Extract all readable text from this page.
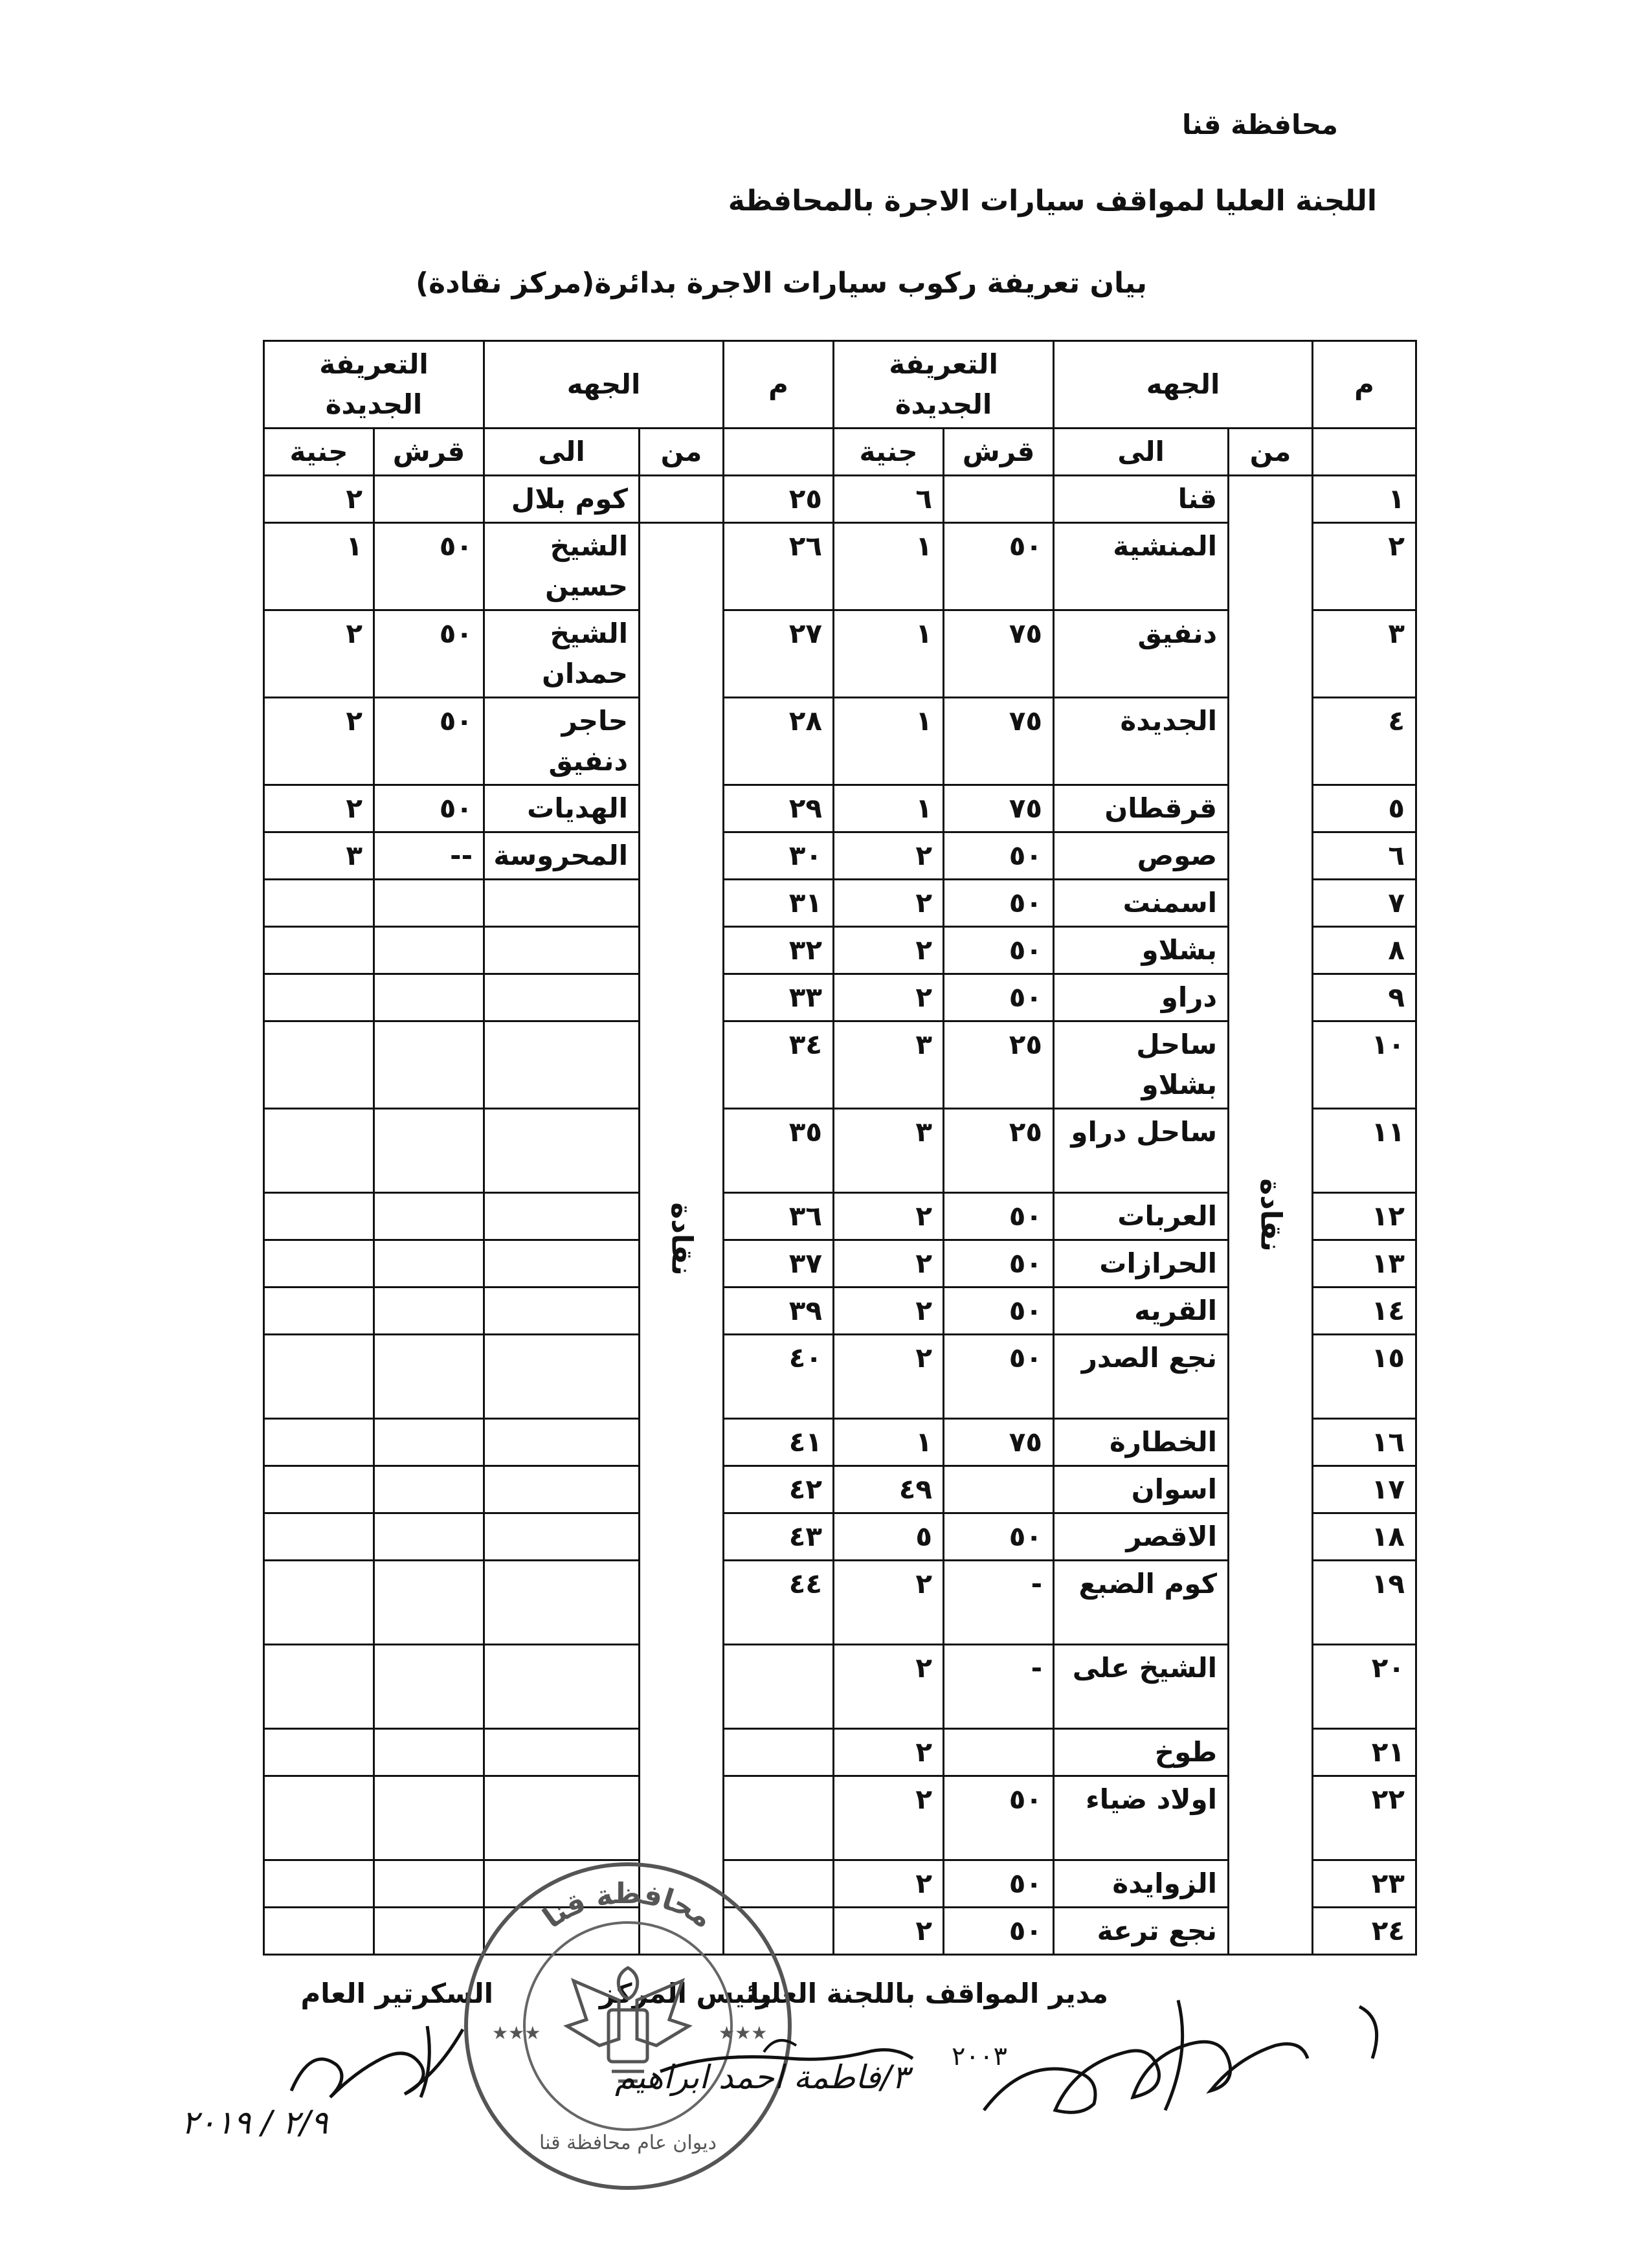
محافظة قنا
اللجنة العليا لمواقف سيارات الاجرة بالمحافظة
بيان تعريفة ركوب سيارات الاجرة بدائرة(مركز نقادة)
التعريفة الجديدة		الجهه		م	التعريفة الجديدة		الجهه		م
جنية	قرش	الى	من		جنية	قرش	الى	من	
٢		كوم بلال		٢٥	٦		قنا	نقادة	١
١	٥٠	الشيخ حسين	نقادة	٢٦	١	٥٠	المنشية		٢
٢	٥٠	الشيخ حمدان		٢٧	١	٧٥	دنفيق		٣
٢	٥٠	حاجر دنفيق		٢٨	١	٧٥	الجديدة		٤
٢	٥٠	الهديات		٢٩	١	٧٥	قرقطان		٥
٣	--	المحروسة		٣٠	٢	٥٠	صوص		٦
				٣١	٢	٥٠	اسمنت		٧
				٣٢	٢	٥٠	بشلاو		٨
				٣٣	٢	٥٠	دراو		٩
				٣٤	٣	٢٥	ساحل بشلاو		١٠
				٣٥	٣	٢٥	ساحل دراو		١١
				٣٦	٢	٥٠	العربات		١٢
				٣٧	٢	٥٠	الحرازات		١٣
				٣٩	٢	٥٠	القريه		١٤
				٤٠	٢	٥٠	نجع الصدر		١٥
				٤١	١	٧٥	الخطارة		١٦
				٤٢	٤٩		اسوان		١٧
				٤٣	٥	٥٠	الاقصر		١٨
				٤٤	٢	-	كوم الضبع		١٩
					٢	-	الشيخ على		٢٠
					٢		طوخ		٢١
					٢	٥٠	اولاد ضياء		٢٢
					٢	٥٠	الزوايدة		٢٣
					٢	٥٠	نجع ترعة		٢٤
مدير المواقف باللجنة العليا
رئيس المركز
السكرتير العام
محافظة قنا
ديوان عام محافظة قنا
★★★	★★★
٢٠٠٣
٣/فاطمة احمد ابراهيم
٢/٩ / ٢٠١٩
